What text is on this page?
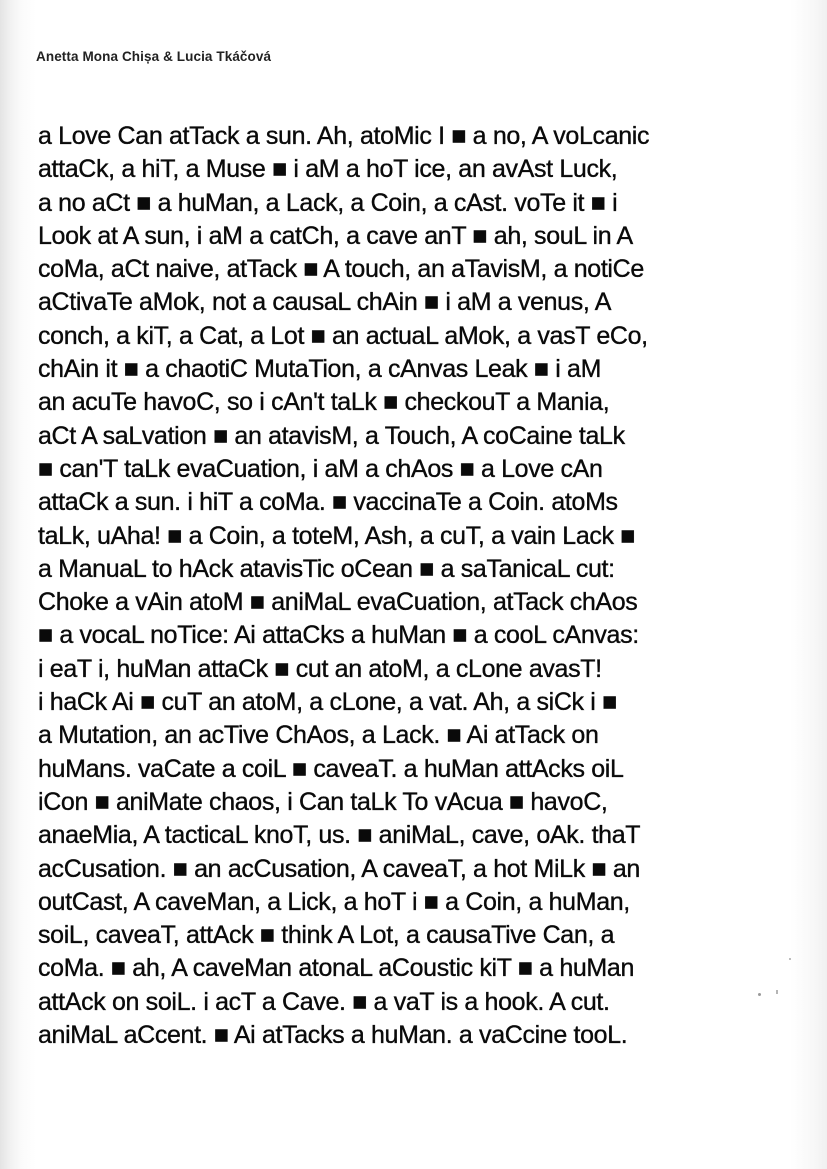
Anetta Mona Chișa & Lucia Tkáčová
a Love Can atTack a sun. Ah, atoMic I ■ a no, A voLcanic
attaCk, a hiT, a Muse ■ i aM a hoT ice, an avAst Luck,
a no aCt ■ a huMan, a Lack, a Coin, a cAst. voTe it ■ i
Look at A sun, i aM a catCh, a cave anT ■ ah, souL in A
coMa, aCt naive, atTack ■ A touch, an aTavisM, a notiCe
aCtivaTe aMok, not a causaL chAin ■ i aM a venus, A
conch, a kiT, a Cat, a Lot ■ an actuaL aMok, a vasT eCo,
chAin it ■ a chaotiC MutaTion, a cAnvas Leak ■ i aM
an acuTe havoC, so i cAn't taLk ■ checkouT a Mania,
aCt A saLvation ■ an atavisM, a Touch, A coCaine taLk
■ can'T taLk evaCuation, i aM a chAos ■ a Love cAn
attaCk a sun. i hiT a coMa. ■ vaccinaTe a Coin. atoMs
taLk, uAha! ■ a Coin, a toteM, Ash, a cuT, a vain Lack ■
a ManuaL to hAck atavisTic oCean ■ a saTanicaL cut:
Choke a vAin atoM ■ aniMaL evaCuation, atTack chAos
■ a vocaL noTice: Ai attaCks a huMan ■ a cooL cAnvas:
i eaT i, huMan attaCk ■ cut an atoM, a cLone avasT!
i haCk Ai ■ cuT an atoM, a cLone, a vat. Ah, a siCk i ■
a Mutation, an acTive ChAos, a Lack. ■ Ai atTack on
huMans. vaCate a coiL ■ caveaT. a huMan attAcks oiL
iCon ■ aniMate chaos, i Can taLk To vAcua ■ havoC,
anaeMia, A tacticaL knoT, us. ■ aniMaL, cave, oAk. thaT
acCusation. ■ an acCusation, A caveaT, a hot MiLk ■ an
outCast, A caveMan, a Lick, a hoT i ■ a Coin, a huMan,
soiL, caveaT, attAck ■ think A Lot, a causaTive Can, a
coMa. ■ ah, A caveMan atonaL aCoustic kiT ■ a huMan
attAck on soiL. i acT a Cave. ■ a vaT is a hook. A cut.
aniMaL aCcent. ■ Ai atTacks a huMan. a vaCcine tooL.
